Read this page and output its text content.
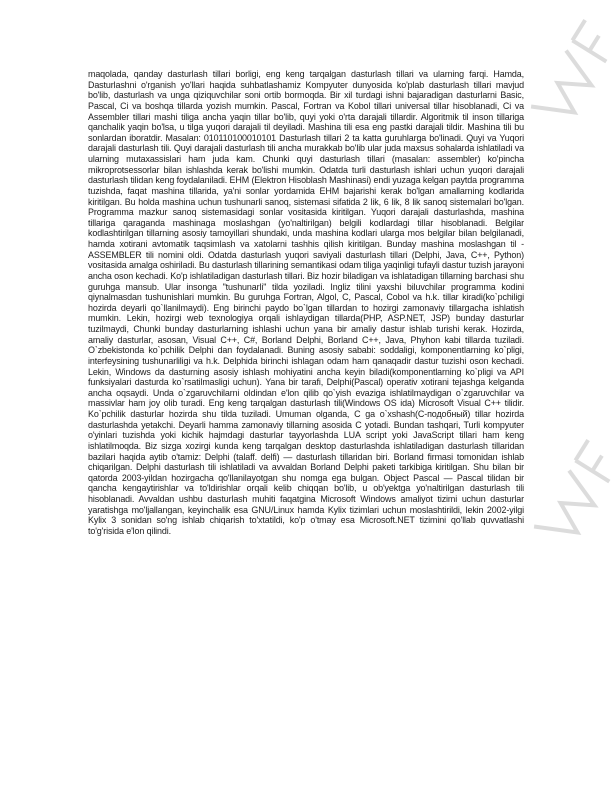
maqolada, qanday dasturlash tillari borligi, eng keng tarqalgan dasturlash tillari va ularning farqi. Hamda, Dasturlashni o'rganish yo'llari haqida suhbatlashamiz Kompyuter dunyosida ko'plab dasturlash tillari mavjud bo'lib, dasturlash va unga qiziquvchilar soni ortib bormoqda. Bir xil turdagi ishni bajaradigan dasturlarni Basic, Pascal, Ci va boshqa tillarda yozish mumkin. Pascal, Fortran va Kobol tillari universal tillar hisoblanadi, Ci va Assembler tillari mashi tiliga ancha yaqin tillar bo'lib, quyi yoki o'rta darajali tillardir. Algoritmik til inson tillariga qanchalik yaqin bo'lsa, u tilga yuqori darajali til deyiladi. Mashina tili esa eng pastki darajali tildir. Mashina tili bu sonlardan iboratdir. Masalan: 010110100010101 Dasturlash tillari 2 ta katta guruhlarga bo'linadi. Quyi va Yuqori darajali dasturlash tili. Quyi darajali dasturlash tili ancha murakkab bo'lib ular juda maxsus sohalarda ishlatiladi va ularning mutaxassislari ham juda kam. Chunki quyi dasturlash tillari (masalan: assembler) ko'pincha mikroprotsessorlar bilan ishlashda kerak bo'lishi mumkin. Odatda turli dasturlash ishlari uchun yuqori darajali dasturlash tilidan keng foydalaniladi. EHM (Elektron Hisoblash Mashinasi) endi yuzaga kelgan paytda programma tuzishda, faqat mashina tillarida, ya'ni sonlar yordamida EHM bajarishi kerak bo'lgan amallarning kodlarida kiritilgan. Bu holda mashina uchun tushunarli sanoq, sistemasi sifatida 2 lik, 6 lik, 8 lik sanoq sistemalari bo'lgan. Programma mazkur sanoq sistemasidagi sonlar vositasida kiritilgan. Yuqori darajali dasturlashda, mashina tillariga qaraganda mashinaga moslashgan (yo'naltirilgan) belgili kodlardagi tillar hisoblanadi. Belgilar kodlashtirilgan tillarning asosiy tamoyillari shundaki, unda mashina kodlari ularga mos belgilar bilan belgilanadi, hamda xotirani avtomatik taqsimlash va xatolarni tashhis qilish kiritilgan. Bunday mashina moslashgan til - ASSEMBLER tili nomini oldi. Odatda dasturlash yuqori saviyali dasturlash tillari (Delphi, Java, C++, Python) vositasida amalga oshiriladi. Bu dasturlash tillarining semantikasi odam tiliga yaqinligi tufayli dastur tuzish jarayoni ancha oson kechadi. Ko'p ishlatiladigan dasturlash tillari. Biz hozir biladigan va ishlatadigan tillarning barchasi shu guruhga mansub. Ular insonga "tushunarli" tilda yoziladi. Ingliz tilini yaxshi biluvchilar programma kodini qiynalmasdan tushunishlari mumkin. Bu guruhga Fortran, Algol, C, Pascal, Cobol va h.k. tillar kiradi(ko`pchiligi hozirda deyarli qo`llanilmaydi). Eng birinchi paydo bo`lgan tillardan to hozirgi zamonaviy tillargacha ishlatish mumkin. Lekin, hozirgi web texnologiya orqali ishlaydigan tillarda(PHP, ASP.NET, JSP) bunday dasturlar tuzilmaydi, Chunki bunday dasturlarning ishlashi uchun yana bir amaliy dastur ishlab turishi kerak. Hozirda, amaliy dasturlar, asosan, Visual C++, C#, Borland Delphi, Borland C++, Java, Phyhon kabi tillarda tuziladi. O`zbekistonda ko`pchilik Delphi dan foydalanadi. Buning asosiy sababi: soddaligi, komponentlarning ko`pligi, interfeysining tushunarliligi va h.k. Delphida birinchi ishlagan odam ham qanaqadir dastur tuzishi oson kechadi. Lekin, Windows da dasturning asosiy ishlash mohiyatini ancha keyin biladi(komponentlarning ko`pligi va API funksiyalari dasturda ko`rsatilmasligi uchun). Yana bir tarafi, Delphi(Pascal) operativ xotirani tejashga kelganda ancha oqsaydi. Unda o`zgaruvchilarni oldindan e'lon qilib qo`yish evaziga ishlatilmaydigan o`zgaruvchilar va massivlar ham joy olib turadi. Eng keng tarqalgan dasturlash tili(Windows OS ida) Microsoft Visual C++ tilidir. Ko`pchilik dasturlar hozirda shu tilda tuziladi. Umuman olganda, C ga o`xshash(C-подобный) tillar hozirda dasturlashda yetakchi. Deyarli hamma zamonaviy tillarning asosida C yotadi. Bundan tashqari, Turli kompyuter o'yinlari tuzishda yoki kichik hajmdagi dasturlar tayyorlashda LUA script yoki JavaScript tillari ham keng ishlatilmoqda. Biz sizga xozirgi kunda keng tarqalgan desktop dasturlashda ishlatiladigan dasturlash tillaridan bazilari haqida aytib o'tamiz: Delphi (talaff. delfi) — dasturlash tillaridan biri. Borland firmasi tomonidan ishlab chiqarilgan. Delphi dasturlash tili ishlatiladi va avvaldan Borland Delphi paketi tarkibiga kiritilgan. Shu bilan bir qatorda 2003-yildan hozirgacha qo'llanilayotgan shu nomga ega bulgan. Object Pascal — Pascal tilidan bir qancha kengaytirishlar va to'ldirishlar orqali kelib chiqqan bo'lib, u ob'yektga yo'naltirilgan dasturlash tili hisoblanadi. Avvaldan ushbu dasturlash muhiti faqatgina Microsoft Windows amaliyot tizimi uchun dasturlar yaratishga mo'ljallangan, keyinchalik esa GNU/Linux hamda Kylix tizimlari uchun moslashtirildi, lekin 2002-yilgi Kylix 3 sonidan so'ng ishlab chiqarish to'xtatildi, ko'p o'tmay esa Microsoft.NET tizimini qo'llab quvvatlashi to'g'risida e'lon qilindi.
